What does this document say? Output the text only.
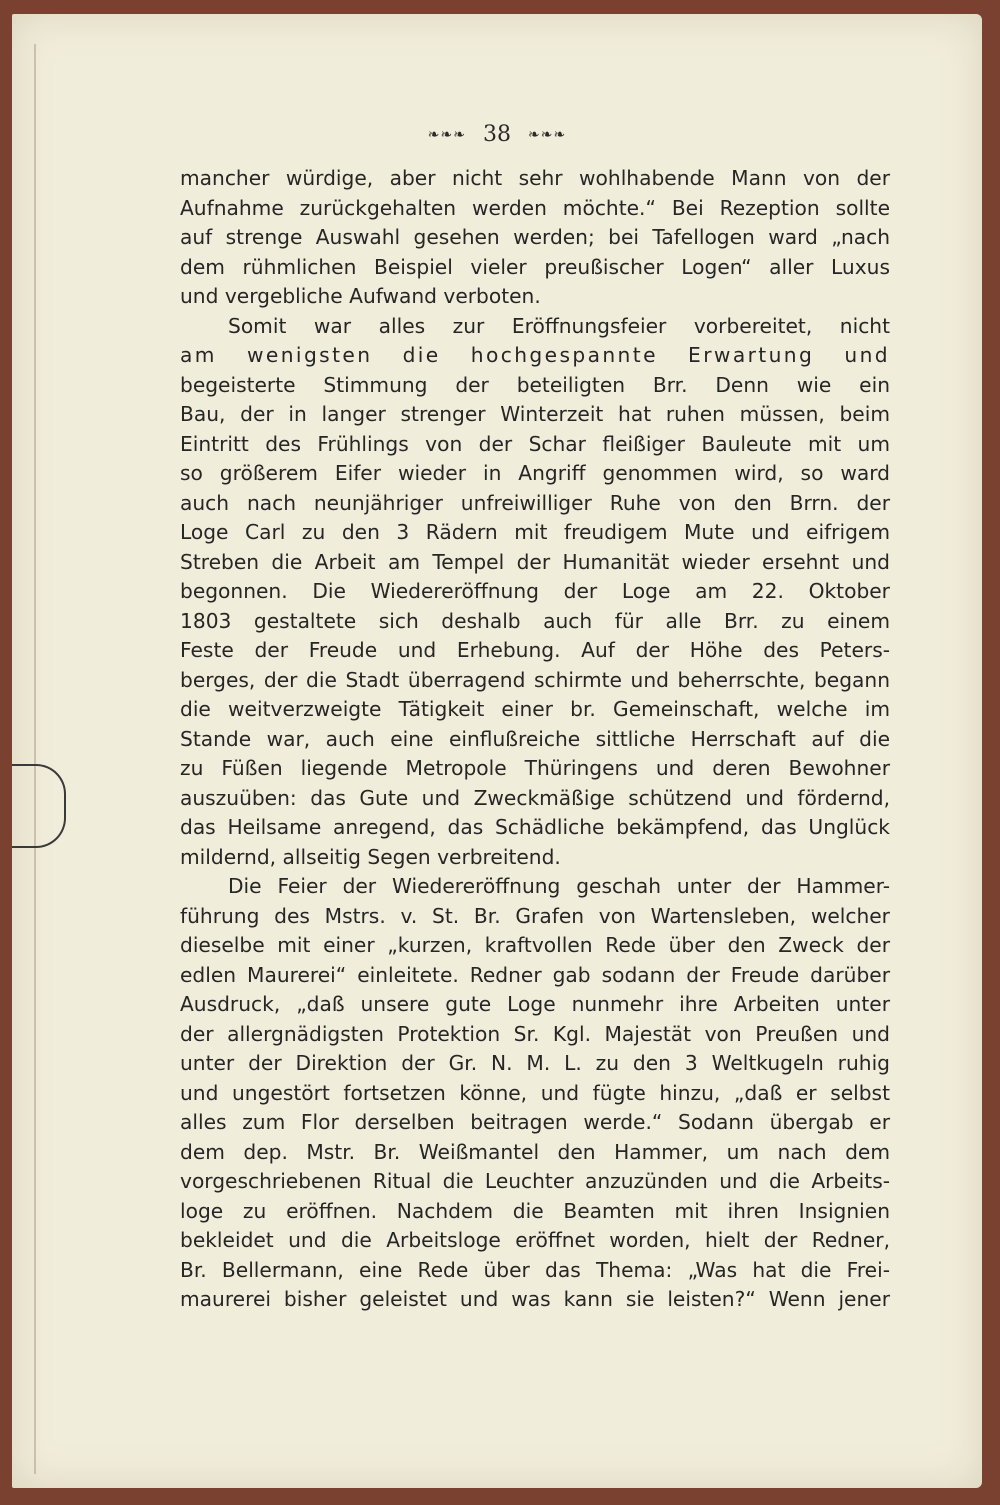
❧❧❧ 38 ❧❧❧
mancher würdige, aber nicht sehr wohlhabende Mann von der
Aufnahme zurückgehalten werden möchte.“ Bei Rezeption sollte
auf strenge Auswahl gesehen werden; bei Tafellogen ward „nach
dem rühmlichen Beispiel vieler preußischer Logen“ aller Luxus
und vergebliche Aufwand verboten.
Somit war alles zur Eröffnungsfeier vorbereitet, nicht
am wenigsten die hochgespannte Erwartung und
begeisterte Stimmung der beteiligten Brr. Denn wie ein
Bau, der in langer strenger Winterzeit hat ruhen müssen, beim
Eintritt des Frühlings von der Schar fleißiger Bauleute mit um
so größerem Eifer wieder in Angriff genommen wird, so ward
auch nach neunjähriger unfreiwilliger Ruhe von den Brrn. der
Loge Carl zu den 3 Rädern mit freudigem Mute und eifrigem
Streben die Arbeit am Tempel der Humanität wieder ersehnt und
begonnen. Die Wiedereröffnung der Loge am 22. Oktober
1803 gestaltete sich deshalb auch für alle Brr. zu einem
Feste der Freude und Erhebung. Auf der Höhe des Peters-
berges, der die Stadt überragend schirmte und beherrschte, begann
die weitverzweigte Tätigkeit einer br. Gemeinschaft, welche im
Stande war, auch eine einflußreiche sittliche Herrschaft auf die
zu Füßen liegende Metropole Thüringens und deren Bewohner
auszuüben: das Gute und Zweckmäßige schützend und fördernd,
das Heilsame anregend, das Schädliche bekämpfend, das Unglück
mildernd, allseitig Segen verbreitend.
Die Feier der Wiedereröffnung geschah unter der Hammer-
führung des Mstrs. v. St. Br. Grafen von Wartensleben, welcher
dieselbe mit einer „kurzen, kraftvollen Rede über den Zweck der
edlen Maurerei“ einleitete. Redner gab sodann der Freude darüber
Ausdruck, „daß unsere gute Loge nunmehr ihre Arbeiten unter
der allergnädigsten Protektion Sr. Kgl. Majestät von Preußen und
unter der Direktion der Gr. N. M. L. zu den 3 Weltkugeln ruhig
und ungestört fortsetzen könne, und fügte hinzu, „daß er selbst
alles zum Flor derselben beitragen werde.“ Sodann übergab er
dem dep. Mstr. Br. Weißmantel den Hammer, um nach dem
vorgeschriebenen Ritual die Leuchter anzuzünden und die Arbeits-
loge zu eröffnen. Nachdem die Beamten mit ihren Insignien
bekleidet und die Arbeitsloge eröffnet worden, hielt der Redner,
Br. Bellermann, eine Rede über das Thema: „Was hat die Frei-
maurerei bisher geleistet und was kann sie leisten?“ Wenn jener
